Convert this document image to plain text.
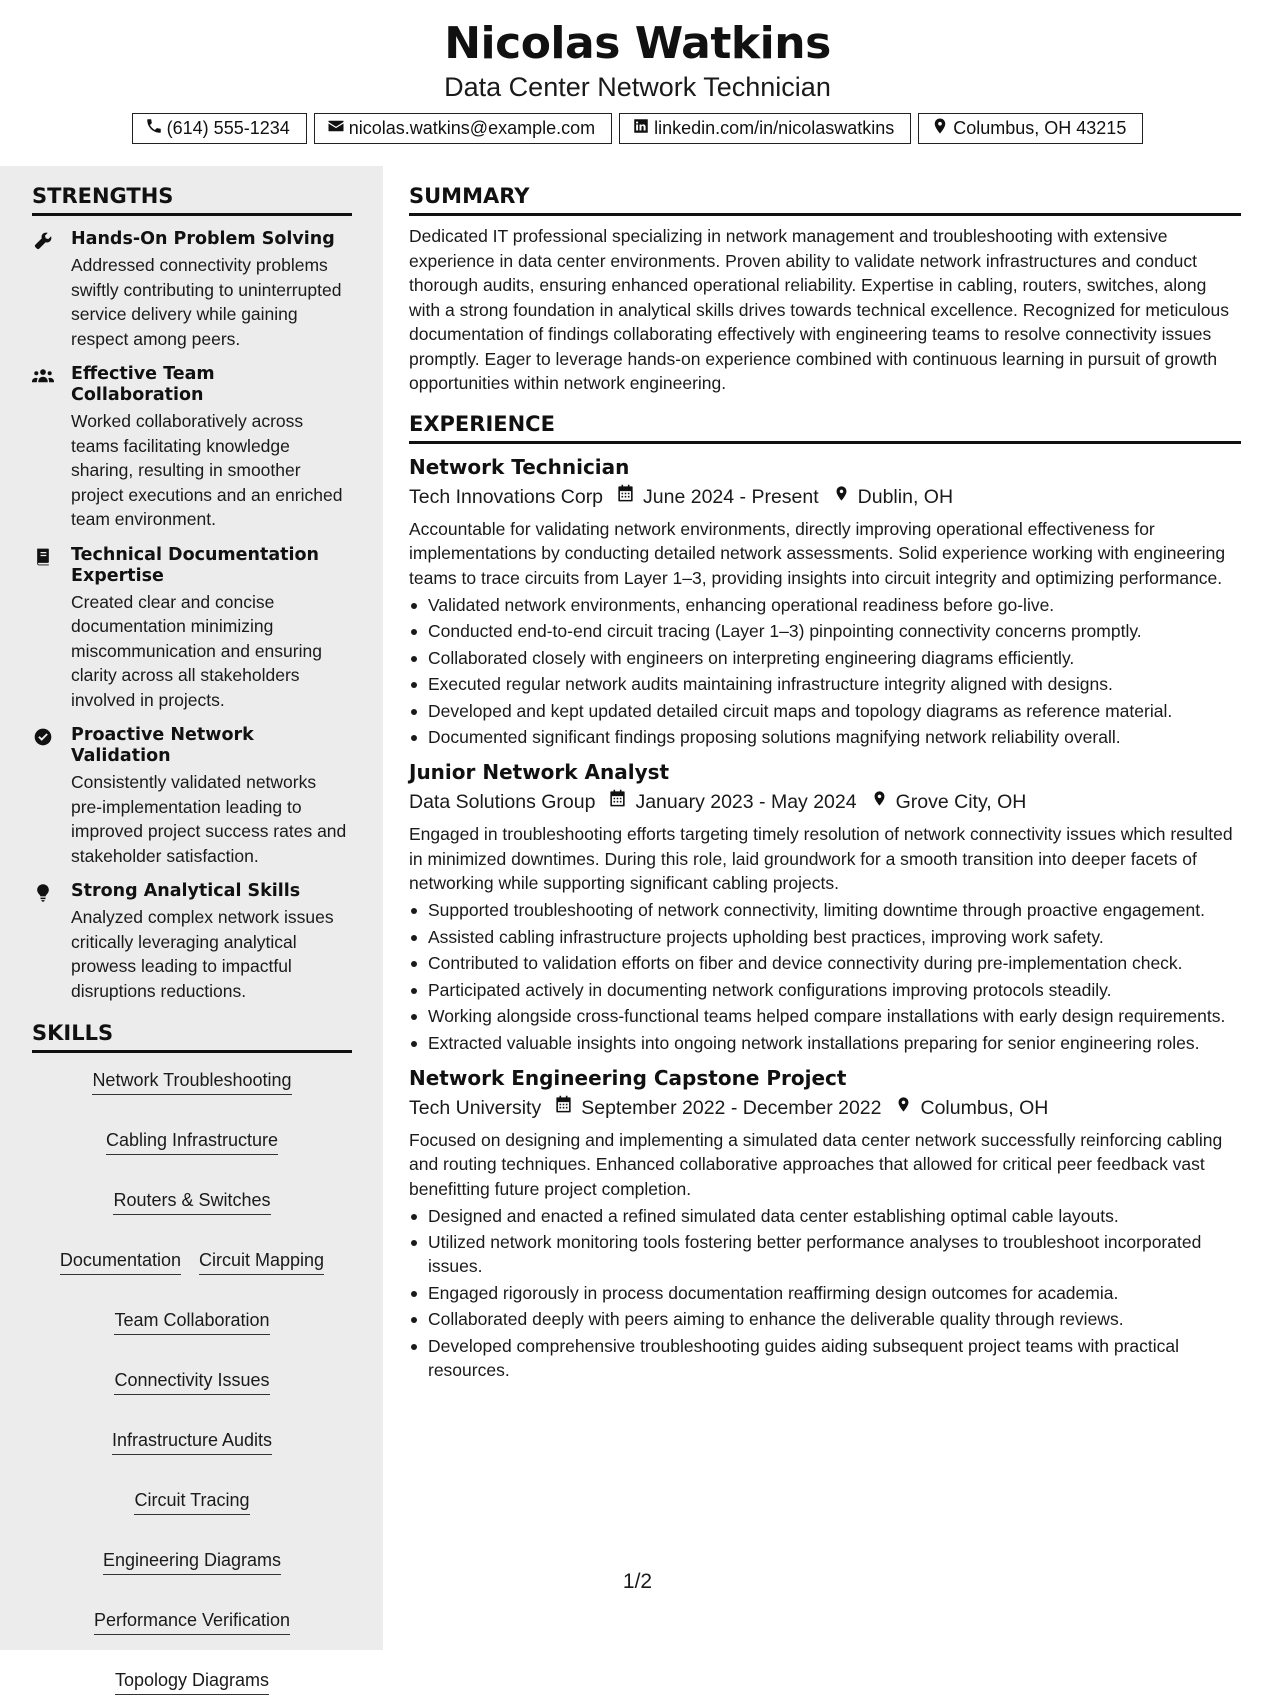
Nicolas Watkins
Data Center Network Technician
(614) 555-1234	nicolas.watkins@example.com	linkedin.com/in/nicolaswatkins	Columbus, OH 43215
STRENGTHS
Hands-On Problem Solving
Addressed connectivity problems swiftly contributing to uninterrupted service delivery while gaining respect among peers.
Effective Team Collaboration
Worked collaboratively across teams facilitating knowledge sharing, resulting in smoother project executions and an enriched team environment.
Technical Documentation Expertise
Created clear and concise documentation minimizing miscommunication and ensuring clarity across all stakeholders involved in projects.
Proactive Network Validation
Consistently validated networks pre-implementation leading to improved project success rates and stakeholder satisfaction.
Strong Analytical Skills
Analyzed complex network issues critically leveraging analytical prowess leading to impactful disruptions reductions.
SKILLS
Network Troubleshooting
Cabling Infrastructure
Routers & Switches
Documentation Circuit Mapping
Team Collaboration
Connectivity Issues
Infrastructure Audits
Circuit Tracing
Engineering Diagrams
Performance Verification
Topology Diagrams
SUMMARY

Dedicated IT professional specializing in network management and troubleshooting with extensive experience in data center environments. Proven ability to validate network infrastructures and conduct thorough audits, ensuring enhanced operational reliability. Expertise in cabling, routers, switches, along with a strong foundation in analytical skills drives towards technical excellence. Recognized for meticulous documentation of findings collaborating effectively with engineering teams to resolve connectivity issues promptly. Eager to leverage hands-on experience combined with continuous learning in pursuit of growth opportunities within network engineering.

EXPERIENCE
Network Technician
Tech Innovations Corp June 2024 - Present Dublin, OH

Accountable for validating network environments, directly improving operational effectiveness for implementations by conducting detailed network assessments. Solid experience working with engineering teams to trace circuits from Layer 1–3, providing insights into circuit integrity and optimizing performance.

Validated network environments, enhancing operational readiness before go-live.
Conducted end-to-end circuit tracing (Layer 1–3) pinpointing connectivity concerns promptly.
Collaborated closely with engineers on interpreting engineering diagrams efficiently.
Executed regular network audits maintaining infrastructure integrity aligned with designs.
Developed and kept updated detailed circuit maps and topology diagrams as reference material.
Documented significant findings proposing solutions magnifying network reliability overall.
Junior Network Analyst
Data Solutions Group January 2023 - May 2024 Grove City, OH

Engaged in troubleshooting efforts targeting timely resolution of network connectivity issues which resulted in minimized downtimes. During this role, laid groundwork for a smooth transition into deeper facets of networking while supporting significant cabling projects.

Supported troubleshooting of network connectivity, limiting downtime through proactive engagement.
Assisted cabling infrastructure projects upholding best practices, improving work safety.
Contributed to validation efforts on fiber and device connectivity during pre-implementation check.
Participated actively in documenting network configurations improving protocols steadily.
Working alongside cross-functional teams helped compare installations with early design requirements.
Extracted valuable insights into ongoing network installations preparing for senior engineering roles.
Network Engineering Capstone Project
Tech University September 2022 - December 2022 Columbus, OH

Focused on designing and implementing a simulated data center network successfully reinforcing cabling and routing techniques. Enhanced collaborative approaches that allowed for critical peer feedback vast benefitting future project completion.

Designed and enacted a refined simulated data center establishing optimal cable layouts.
Utilized network monitoring tools fostering better performance analyses to troubleshoot incorporated issues.
Engaged rigorously in process documentation reaffirming design outcomes for academia.
Collaborated deeply with peers aiming to enhance the deliverable quality through reviews.
Developed comprehensive troubleshooting guides aiding subsequent project teams with practical resources.
1/2
